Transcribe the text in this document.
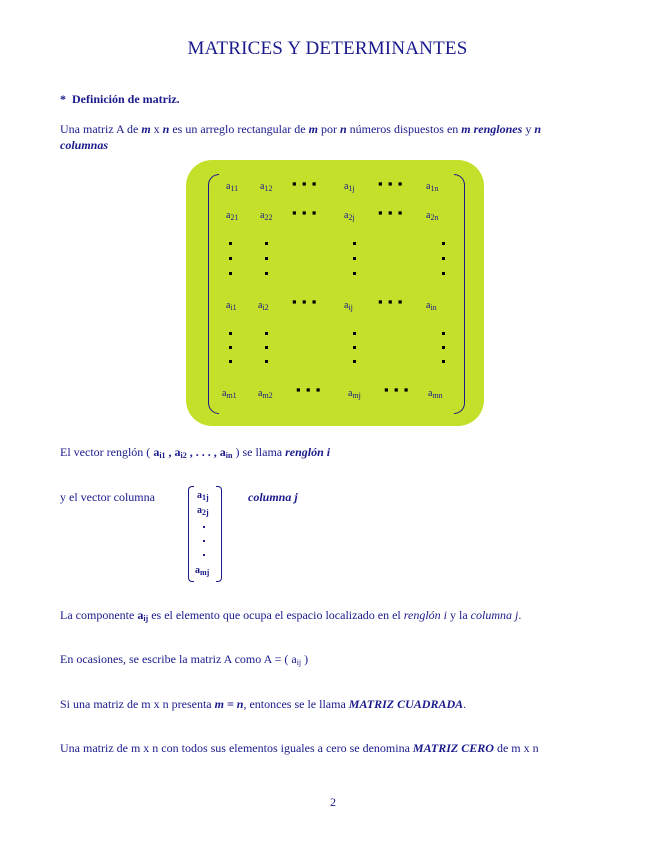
MATRICES Y DETERMINANTES
* Definición de matriz.
Una matriz A de m x n es un arreglo rectangular de m por n números dispuestos en m renglones y n
columnas
$a_{11}$ $a_{12}$ ▪ ▪ ▪	$a_{1j}$ ▪ ▪ ▪ $a_{1n}$
$a_{21}$ $a_{22}$ ▪ ▪ ▪	$a_{2j}$ ▪ ▪ ▪ $a_{2n}$
$a_{i1}$ $a_{i2}$ ▪ ▪ ▪	$a_{ij}$ ▪ ▪ ▪ $a_{in}$
$a_{m1}$ $a_{m2}$ ▪ ▪ ▪	$a_{mj}$ ▪ ▪ ▪ $a_{mn}$
El vector renglón ( $a_{i1}$ , $a_{i2}$ , . . . , $a_{in}$ ) se llama renglón i
y el vector columna	$a_{1j}$
$a_{2j}$
$a_{mj}$
columna j
La componente $a_{ij}$ es el elemento que ocupa el espacio localizado en el renglón i y la columna j.
En ocasiones, se escribe la matriz A como A = ( $a_{ij}$ )
Si una matriz de m x n presenta m = n, entonces se le llama MATRIZ CUADRADA.
Una matriz de m x n con todos sus elementos iguales a cero se denomina MATRIZ CERO de m x n
2
